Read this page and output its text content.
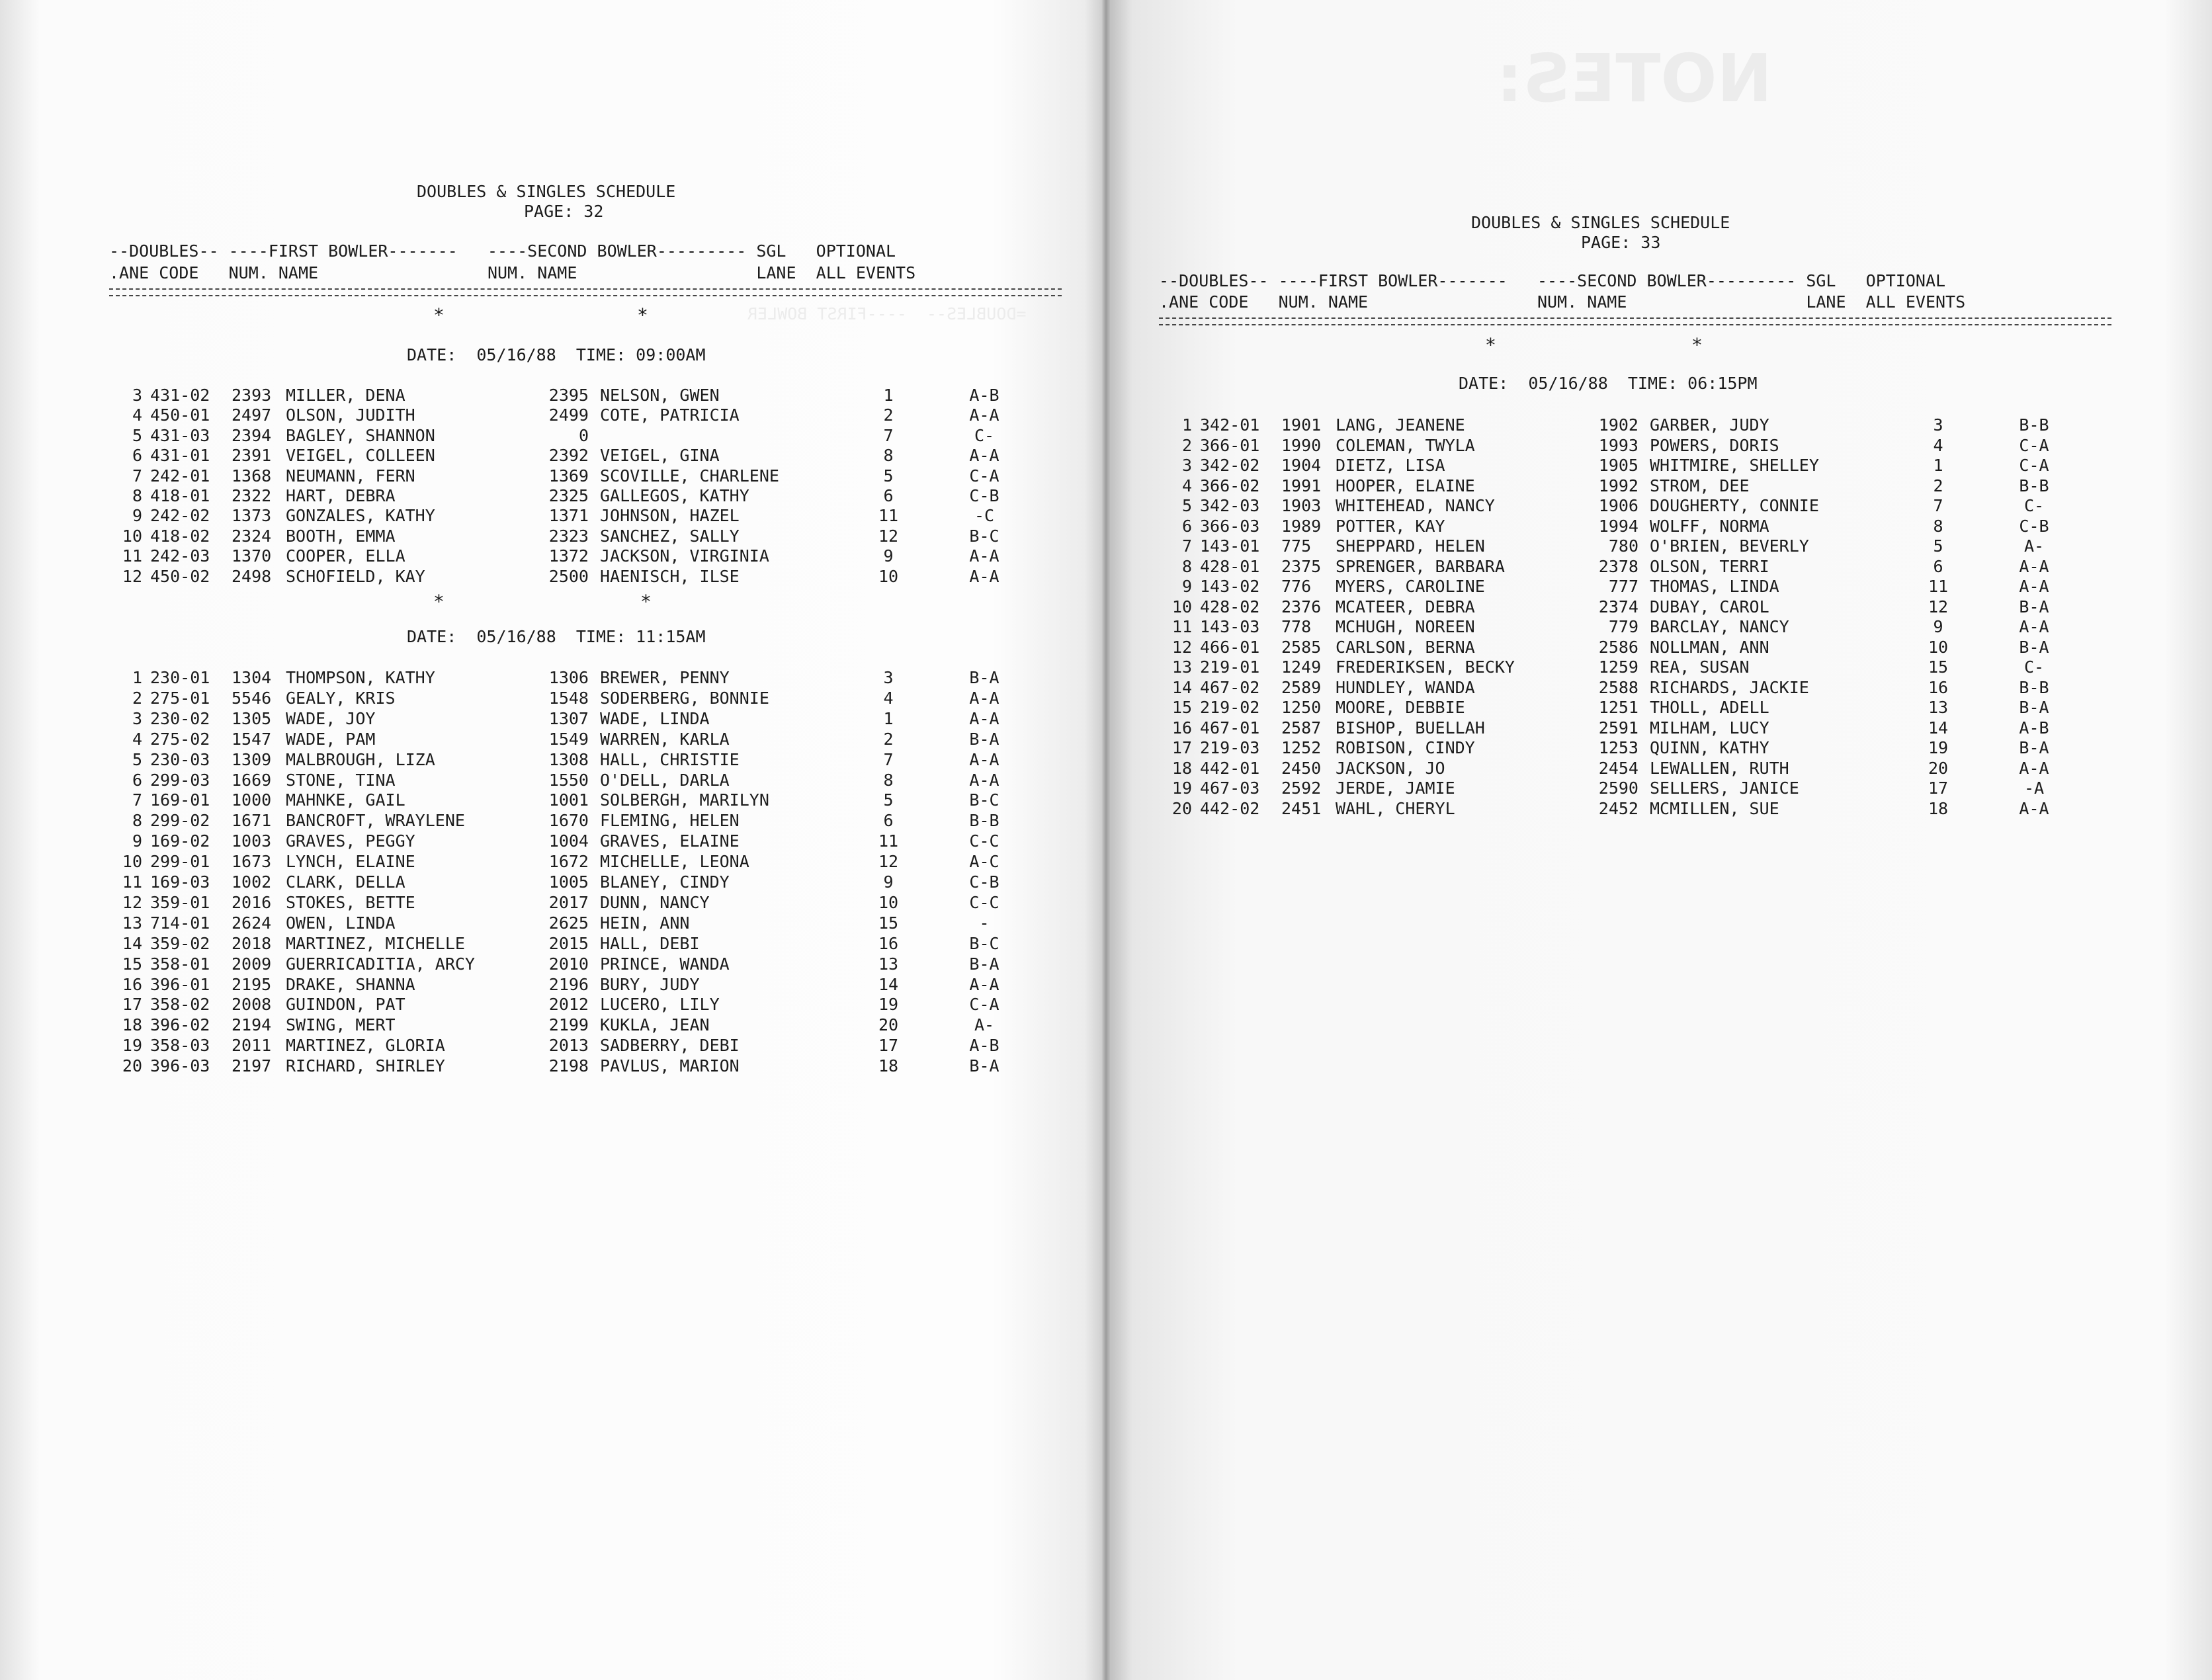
=DOUBLES--  ----FIRST BOWLER
DOUBLES & SINGLES SCHEDULE
PAGE: 32
--DOUBLES-- ----FIRST BOWLER-------   ----SECOND BOWLER--------- SGL   OPTIONAL
.ANE CODE   NUM. NAME                 NUM. NAME                  LANE  ALL EVENTS
*	*
DATE:  05/16/88  TIME: 09:00AM
3 431-02 2393 MILLER, DENA	2395 NELSON, GWEN	1	A-B
4 450-01 2497 OLSON, JUDITH	2499 COTE, PATRICIA	2	A-A
5 431-03 2394 BAGLEY, SHANNON	0	7	C-
6 431-01 2391 VEIGEL, COLLEEN	2392 VEIGEL, GINA	8	A-A
7 242-01 1368 NEUMANN, FERN	1369 SCOVILLE, CHARLENE	5	C-A
8 418-01 2322 HART, DEBRA	2325 GALLEGOS, KATHY	6	C-B
9 242-02 1373 GONZALES, KATHY	1371 JOHNSON, HAZEL	11	-C
10 418-02 2324 BOOTH, EMMA	2323 SANCHEZ, SALLY	12	B-C
11 242-03 1370 COOPER, ELLA	1372 JACKSON, VIRGINIA	9	A-A
12 450-02 2498 SCHOFIELD, KAY	2500 HAENISCH, ILSE	10	A-A
*	*
DATE:  05/16/88  TIME: 11:15AM
1 230-01 1304 THOMPSON, KATHY	1306 BREWER, PENNY	3	B-A
2 275-01 5546 GEALY, KRIS	1548 SODERBERG, BONNIE	4	A-A
3 230-02 1305 WADE, JOY	1307 WADE, LINDA	1	A-A
4 275-02 1547 WADE, PAM	1549 WARREN, KARLA	2	B-A
5 230-03 1309 MALBROUGH, LIZA	1308 HALL, CHRISTIE	7	A-A
6 299-03 1669 STONE, TINA	1550 O'DELL, DARLA	8	A-A
7 169-01 1000 MAHNKE, GAIL	1001 SOLBERGH, MARILYN	5	B-C
8 299-02 1671 BANCROFT, WRAYLENE	1670 FLEMING, HELEN	6	B-B
9 169-02 1003 GRAVES, PEGGY	1004 GRAVES, ELAINE	11	C-C
10 299-01 1673 LYNCH, ELAINE	1672 MICHELLE, LEONA	12	A-C
11 169-03 1002 CLARK, DELLA	1005 BLANEY, CINDY	9	C-B
12 359-01 2016 STOKES, BETTE	2017 DUNN, NANCY	10	C-C
13 714-01 2624 OWEN, LINDA	2625 HEIN, ANN	15	-
14 359-02 2018 MARTINEZ, MICHELLE	2015 HALL, DEBI	16	B-C
15 358-01 2009 GUERRICADITIA, ARCY	2010 PRINCE, WANDA	13	B-A
16 396-01 2195 DRAKE, SHANNA	2196 BURY, JUDY	14	A-A
17 358-02 2008 GUINDON, PAT	2012 LUCERO, LILY	19	C-A
18 396-02 2194 SWING, MERT	2199 KUKLA, JEAN	20	A-
19 358-03 2011 MARTINEZ, GLORIA	2013 SADBERRY, DEBI	17	A-B
20 396-03 2197 RICHARD, SHIRLEY	2198 PAVLUS, MARION	18	B-A
NOTES:
DOUBLES & SINGLES SCHEDULE
PAGE: 33
--DOUBLES-- ----FIRST BOWLER-------   ----SECOND BOWLER--------- SGL   OPTIONAL
.ANE CODE   NUM. NAME                 NUM. NAME                  LANE  ALL EVENTS
*	*
DATE:  05/16/88  TIME: 06:15PM
1 342-01 1901 LANG, JEANENE	1902 GARBER, JUDY	3	B-B
2 366-01 1990 COLEMAN, TWYLA	1993 POWERS, DORIS	4	C-A
3 342-02 1904 DIETZ, LISA	1905 WHITMIRE, SHELLEY	1	C-A
4 366-02 1991 HOOPER, ELAINE	1992 STROM, DEE	2	B-B
5 342-03 1903 WHITEHEAD, NANCY	1906 DOUGHERTY, CONNIE	7	C-
6 366-03 1989 POTTER, KAY	1994 WOLFF, NORMA	8	C-B
7 143-01 775 SHEPPARD, HELEN	780 O'BRIEN, BEVERLY	5	A-
8 428-01 2375 SPRENGER, BARBARA	2378 OLSON, TERRI	6	A-A
9 143-02 776 MYERS, CAROLINE	777 THOMAS, LINDA	11	A-A
10 428-02 2376 MCATEER, DEBRA	2374 DUBAY, CAROL	12	B-A
11 143-03 778 MCHUGH, NOREEN	779 BARCLAY, NANCY	9	A-A
12 466-01 2585 CARLSON, BERNA	2586 NOLLMAN, ANN	10	B-A
13 219-01 1249 FREDERIKSEN, BECKY	1259 REA, SUSAN	15	C-
14 467-02 2589 HUNDLEY, WANDA	2588 RICHARDS, JACKIE	16	B-B
15 219-02 1250 MOORE, DEBBIE	1251 THOLL, ADELL	13	B-A
16 467-01 2587 BISHOP, BUELLAH	2591 MILHAM, LUCY	14	A-B
17 219-03 1252 ROBISON, CINDY	1253 QUINN, KATHY	19	B-A
18 442-01 2450 JACKSON, JO	2454 LEWALLEN, RUTH	20	A-A
19 467-03 2592 JERDE, JAMIE	2590 SELLERS, JANICE	17	-A
20 442-02 2451 WAHL, CHERYL	2452 MCMILLEN, SUE	18	A-A
